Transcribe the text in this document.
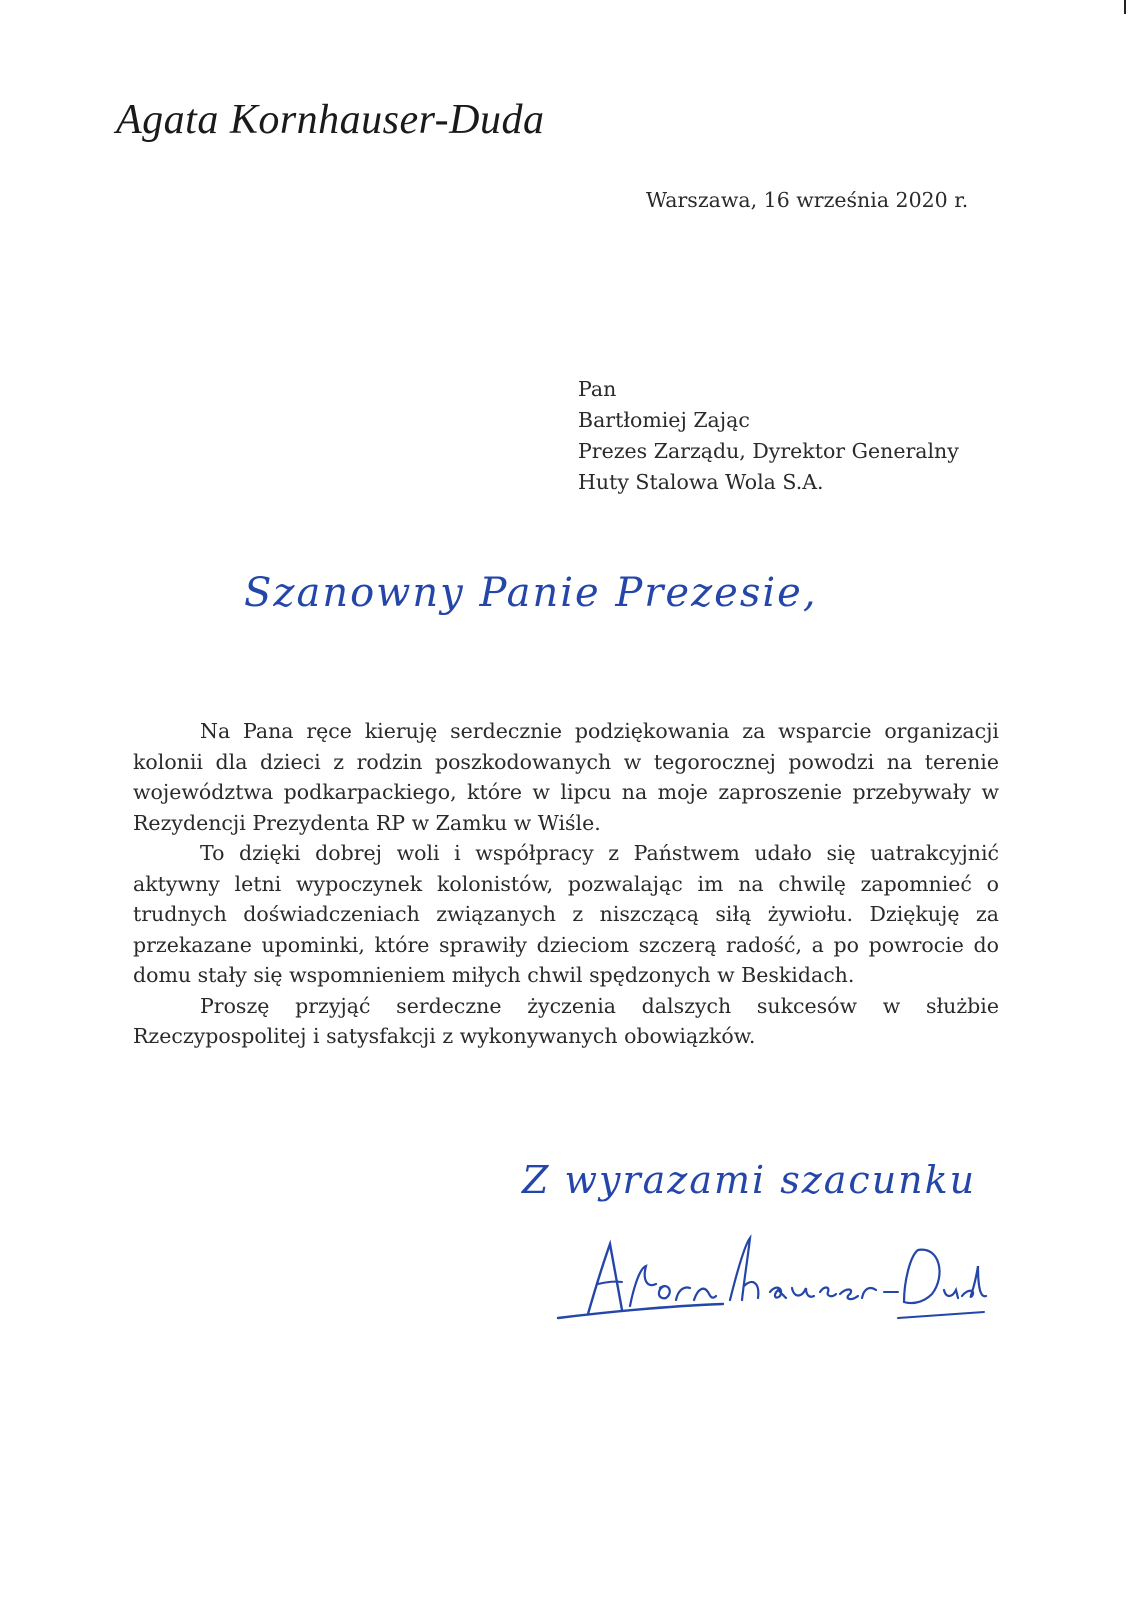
Agata Kornhauser-Duda
Warszawa, 16 września 2020 r.
Pan
Bartłomiej Zając
Prezes Zarządu, Dyrektor Generalny
Huty Stalowa Wola S.A.
Szanowny Panie Prezesie,

Na Pana ręce kieruję serdecznie podziękowania za wsparcie organizacji kolonii dla dzieci z rodzin poszkodowanych w tegorocznej powodzi na terenie województwa podkarpackiego, które w lipcu na moje zaproszenie przebywały w Rezydencji Prezydenta RP w Zamku w Wiśle.

To dzięki dobrej woli i współpracy z Państwem udało się uatrakcyjnić aktywny letni wypoczynek kolonistów, pozwalając im na chwilę zapomnieć o trudnych doświadczeniach związanych z niszczącą siłą żywiołu. Dziękuję za przekazane upominki, które sprawiły dzieciom szczerą radość, a po powrocie do domu stały się wspomnieniem miłych chwil spędzonych w Beskidach.

Proszę przyjąć serdeczne życzenia dalszych sukcesów w służbie Rzeczypospolitej i satysfakcji z wykonywanych obowiązków.

Z wyrazami szacunku
